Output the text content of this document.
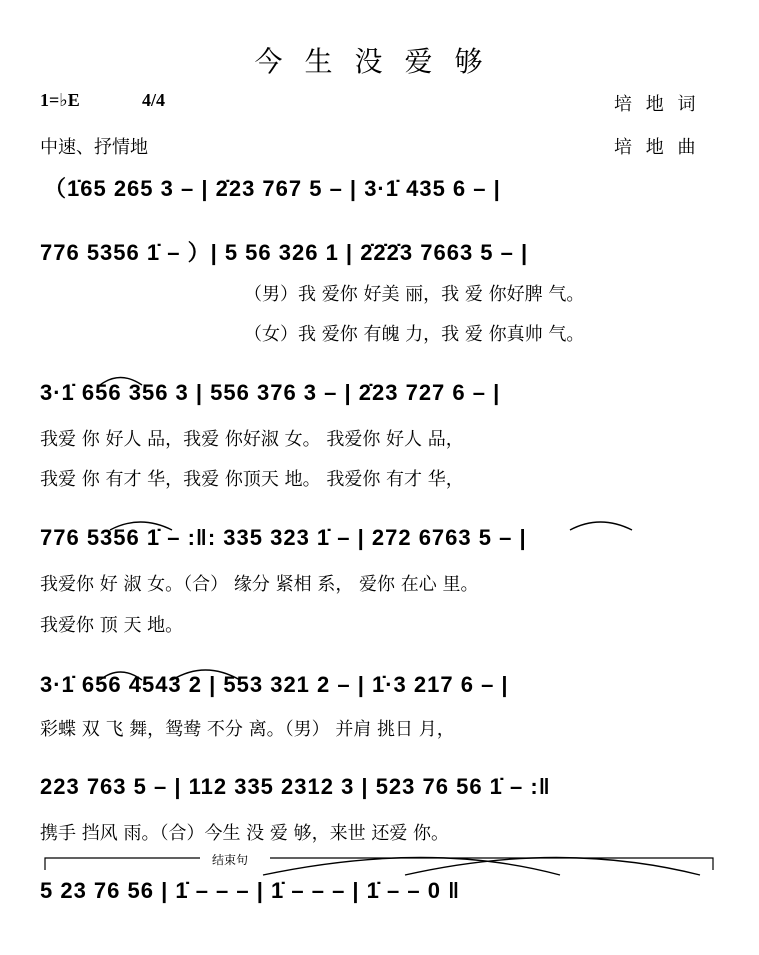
今生没爱够
1=♭E	4/4	培 地 词
中速、抒情地	培 地 曲
（1̇65 265 3 – | 2̇23 767 5 – | 3·1̇ 435 6 – |
776 5356 1̇ – ）| 5 56 326 1 | 2̇2̇2̇3 7663 5 – |
（男）我 爱你 好美 丽，我 爱 你好脾 气。
（女）我 爱你 有魄 力，我 爱 你真帅 气。
3·1̇ 656 356 3 | 556 376 3 – | 2̇23 727 6 – |
我爱 你 好人 品，我爱 你好淑 女。 我爱你 好人 品，
我爱 你 有才 华，我爱 你顶天 地。 我爱你 有才 华，
776 5356 1̇ – :‖: 335 323 1̇ – | 272 6763 5 – |
我爱你 好 淑 女。（合） 缘分 紧相 系， 爱你 在心 里。
我爱你 顶 天 地。
3·1̇ 656 4543 2 | 553 321 2 – | 1̇·3 217 6 – |
彩蝶 双 飞 舞，鸳鸯 不分 离。（男） 并肩 挑日 月，
223 763 5 – | 112 335 2312 3 | 523 76 56 1̇ – :‖
携手 挡风 雨。（合）今生 没 爱 够，来世 还爱 你。
结束句
5 23 76 56 | 1̇ – – – | 1̇ – – – | 1̇ – – 0 ‖
